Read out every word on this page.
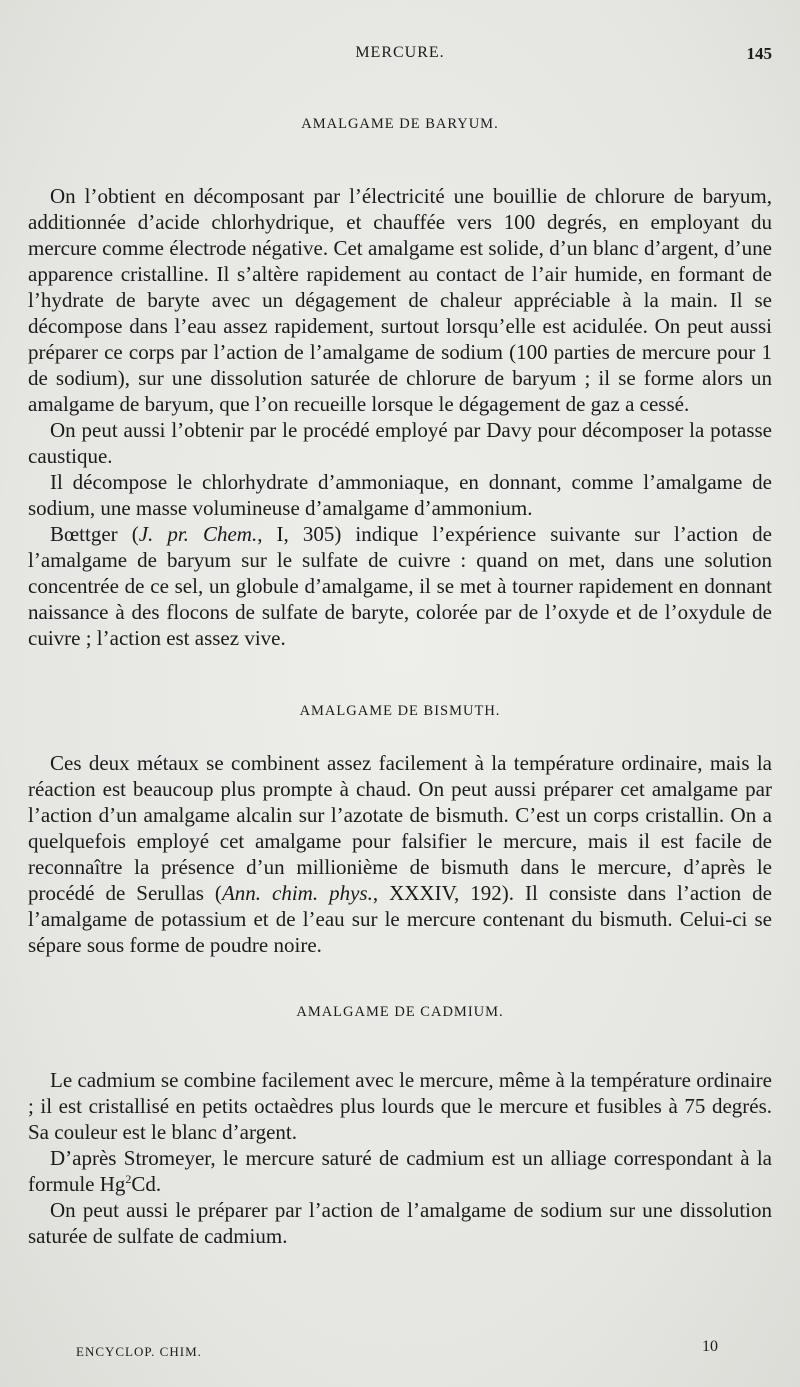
MERCURE.	145
AMALGAME DE BARYUM.

On l’obtient en décomposant par l’électricité une bouillie de chlorure de baryum, additionnée d’acide chlorhydrique, et chauffée vers 100 degrés, en employant du mercure comme électrode négative. Cet amalgame est solide, d’un blanc d’argent, d’une apparence cristalline. Il s’altère rapidement au contact de l’air humide, en formant de l’hydrate de baryte avec un dégagement de chaleur appréciable à la main. Il se décompose dans l’eau assez rapidement, surtout lorsqu’elle est acidulée. On peut aussi préparer ce corps par l’action de l’amalgame de sodium (100 parties de mercure pour 1 de sodium), sur une dissolution saturée de chlorure de baryum ; il se forme alors un amalgame de baryum, que l’on recueille lorsque le dégagement de gaz a cessé.

On peut aussi l’obtenir par le procédé employé par Davy pour décomposer la potasse caustique.

Il décompose le chlorhydrate d’ammoniaque, en donnant, comme l’amalgame de sodium, une masse volumineuse d’amalgame d’ammonium.

Bœttger (J. pr. Chem., I, 305) indique l’expérience suivante sur l’action de l’amalgame de baryum sur le sulfate de cuivre : quand on met, dans une solution concentrée de ce sel, un globule d’amalgame, il se met à tourner rapidement en donnant naissance à des flocons de sulfate de baryte, colorée par de l’oxyde et de l’oxydule de cuivre ; l’action est assez vive.

AMALGAME DE BISMUTH.

Ces deux métaux se combinent assez facilement à la température ordinaire, mais la réaction est beaucoup plus prompte à chaud. On peut aussi préparer cet amalgame par l’action d’un amalgame alcalin sur l’azotate de bismuth. C’est un corps cristallin. On a quelquefois employé cet amalgame pour falsifier le mercure, mais il est facile de reconnaître la présence d’un millionième de bismuth dans le mercure, d’après le procédé de Serullas (Ann. chim. phys., XXXIV, 192). Il consiste dans l’action de l’amalgame de potassium et de l’eau sur le mercure contenant du bismuth. Celui-ci se sépare sous forme de poudre noire.

AMALGAME DE CADMIUM.

Le cadmium se combine facilement avec le mercure, même à la température ordinaire ; il est cristallisé en petits octaèdres plus lourds que le mercure et fusibles à 75 degrés. Sa couleur est le blanc d’argent.

D’après Stromeyer, le mercure saturé de cadmium est un alliage correspondant à la formule Hg$^2$Cd.

On peut aussi le préparer par l’action de l’amalgame de sodium sur une dissolution saturée de sulfate de cadmium.

ENCYCLOP. CHIM.	10
